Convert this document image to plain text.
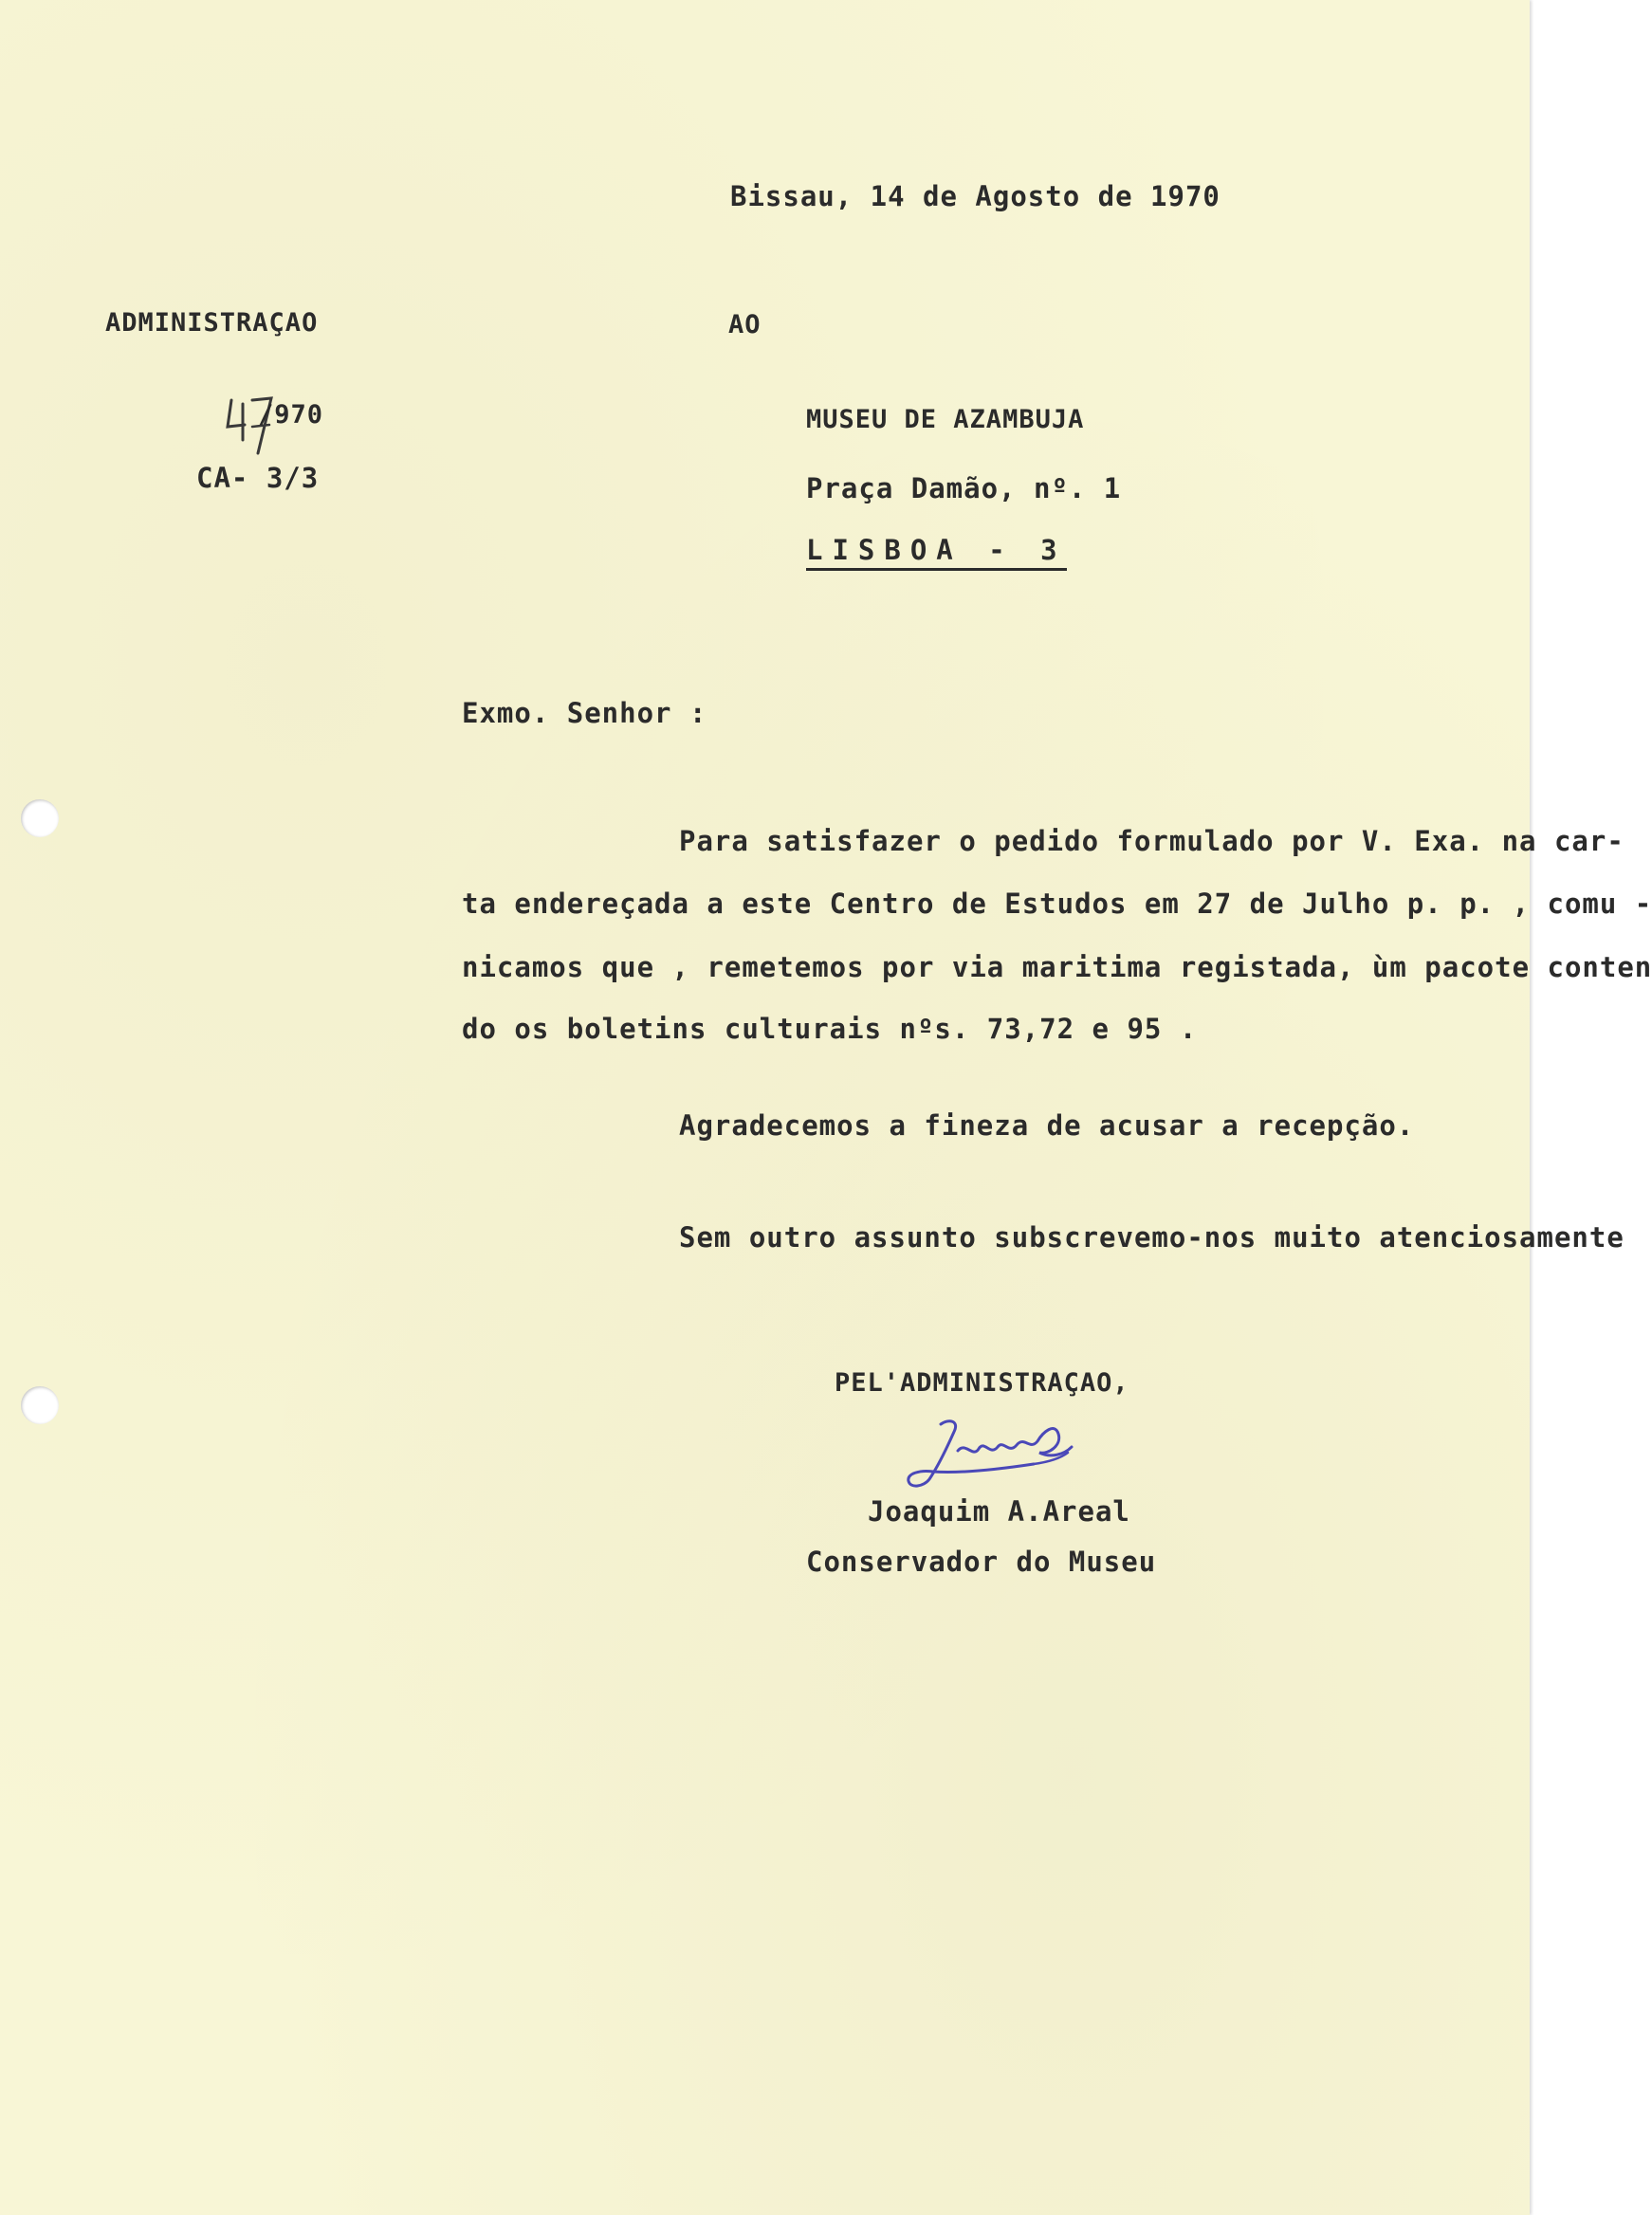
Bissau, 14 de Agosto de 1970

ADMINISTRAÇAO

/970

CA- 3/3

AO

MUSEU DE AZAMBUJA

Praça Damão, nº. 1

LISBOA - 3

Exmo. Senhor :

Para satisfazer o pedido formulado por V. Exa. na car-

ta endereçada a este Centro de Estudos em 27 de Julho p. p. , comu -

nicamos que , remetemos por via maritima registada, ùm pacote conten

do os boletins culturais nºs. 73,72 e 95 .

Agradecemos a fineza de acusar a recepção.

Sem outro assunto subscrevemo-nos muito atenciosamente

PEL'ADMINISTRAÇAO,

Joaquim A.Areal

Conservador do Museu
